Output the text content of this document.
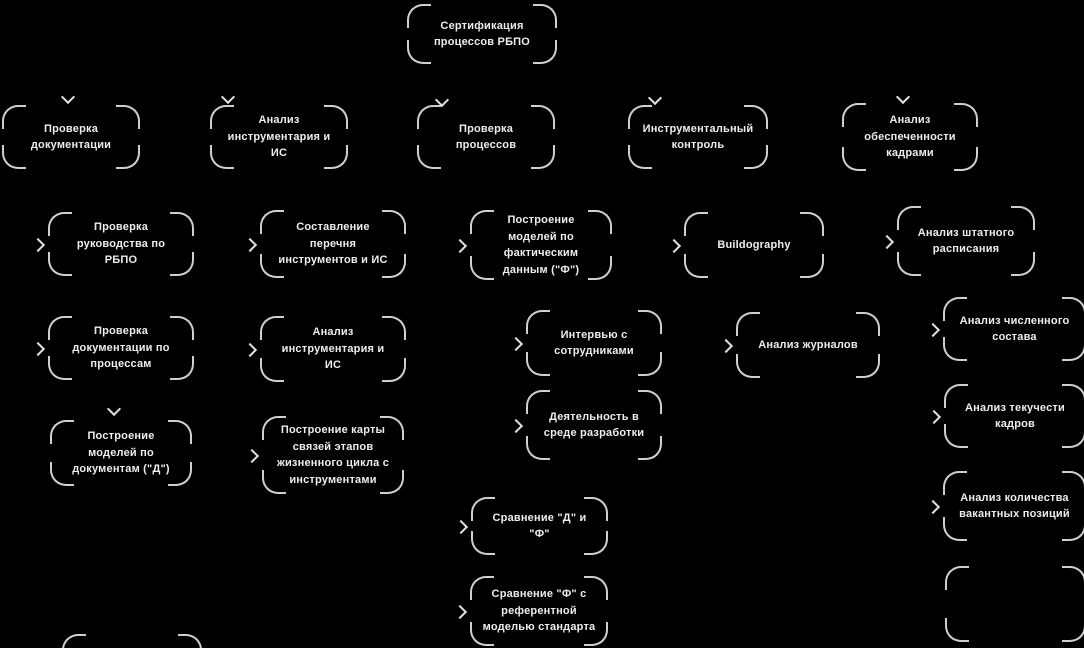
Сертификация процессов РБПО
Проверка документации
Анализ инструментария и ИС
Проверка процессов
Инструментальный контроль
Анализ обеспеченности кадрами
Проверка руководства по РБПО
Проверка документации по процессам
Построение моделей по документам ("Д")
Составление перечня инструментов и ИС
Анализ инструментария и ИС
Построение карты связей этапов жизненного цикла с инструментами
Построение моделей по фактическим данным ("Ф")
Интервью с сотрудниками
Деятельность в среде разработки
Сравнение "Д" и "Ф"
Сравнение "Ф" с референтной моделью стандарта
Buildography
Анализ журналов
Анализ штатного расписания
Анализ численного состава
Анализ текучести кадров
Анализ количества вакантных позиций
